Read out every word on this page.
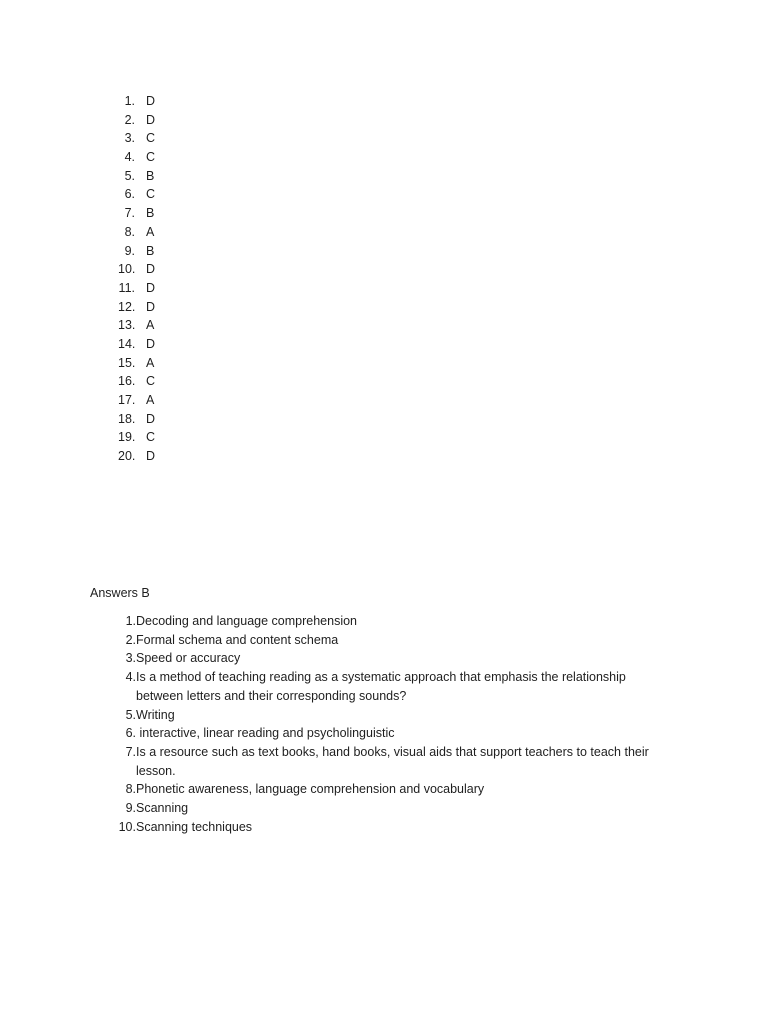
1. D
2. D
3. C
4. C
5. B
6. C
7. B
8. A
9. B
10. D
11. D
12. D
13. A
14. D
15. A
16. C
17. A
18. D
19. C
20. D

Answers B

1. Decoding and language comprehension
2. Formal schema and content schema
3. Speed or accuracy
4. Is a method of teaching reading as a systematic approach that emphasis the relationship between letters and their corresponding sounds?
5. Writing
6. interactive, linear reading and psycholinguistic
7. Is a resource such as text books, hand books, visual aids that support teachers to teach their lesson.
8. Phonetic awareness, language comprehension and vocabulary
9. Scanning
10. Scanning techniques
